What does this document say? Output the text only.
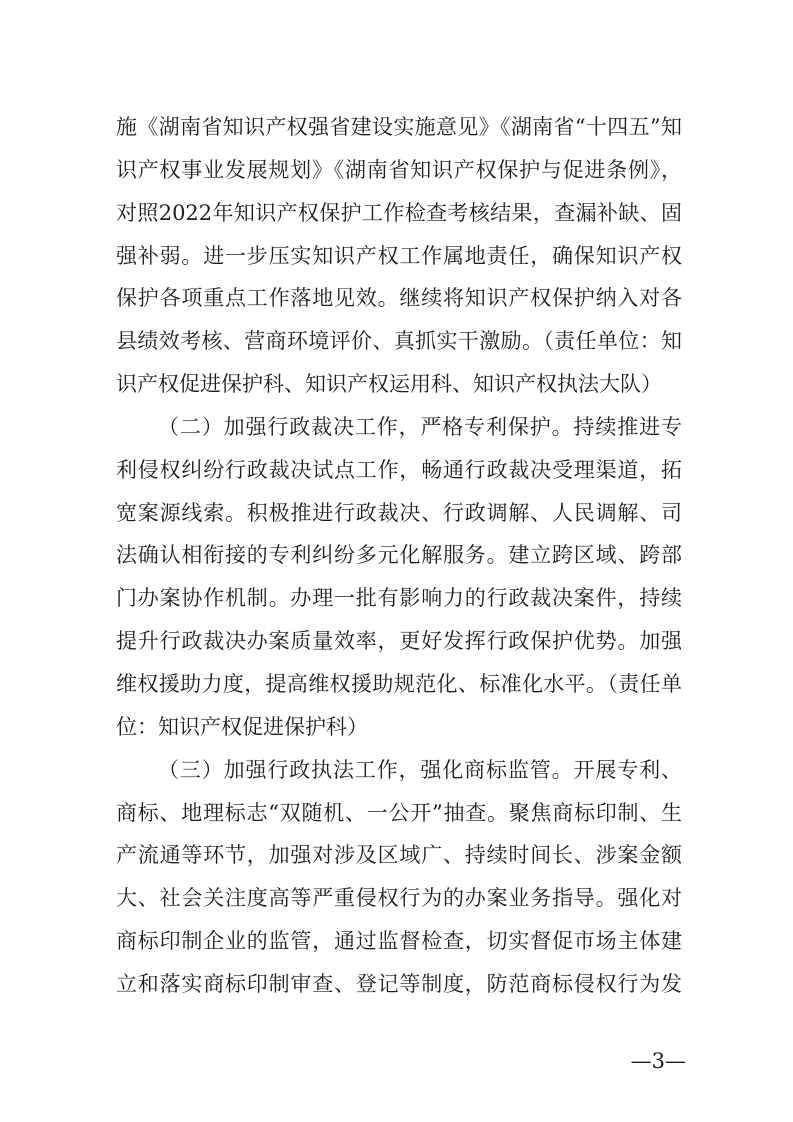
施《湖南省知识产权强省建设实施意见》《湖南省“十四五”知
识产权事业发展规划》《湖南省知识产权保护与促进条例》，
对照2022年知识产权保护工作检查考核结果，查漏补缺、固
强补弱。进一步压实知识产权工作属地责任，确保知识产权
保护各项重点工作落地见效。继续将知识产权保护纳入对各
县绩效考核、营商环境评价、真抓实干激励。（责任单位：知
识产权促进保护科、知识产权运用科、知识产权执法大队）
（二）加强行政裁决工作，严格专利保护。持续推进专
利侵权纠纷行政裁决试点工作，畅通行政裁决受理渠道，拓
宽案源线索。积极推进行政裁决、行政调解、人民调解、司
法确认相衔接的专利纠纷多元化解服务。建立跨区域、跨部
门办案协作机制。办理一批有影响力的行政裁决案件，持续
提升行政裁决办案质量效率，更好发挥行政保护优势。加强
维权援助力度，提高维权援助规范化、标准化水平。（责任单
位：知识产权促进保护科）
（三）加强行政执法工作，强化商标监管。开展专利、
商标、地理标志“双随机、一公开”抽查。聚焦商标印制、生
产流通等环节，加强对涉及区域广、持续时间长、涉案金额
大、社会关注度高等严重侵权行为的办案业务指导。强化对
商标印制企业的监管，通过监督检查，切实督促市场主体建
立和落实商标印制审查、登记等制度，防范商标侵权行为发
—3—
